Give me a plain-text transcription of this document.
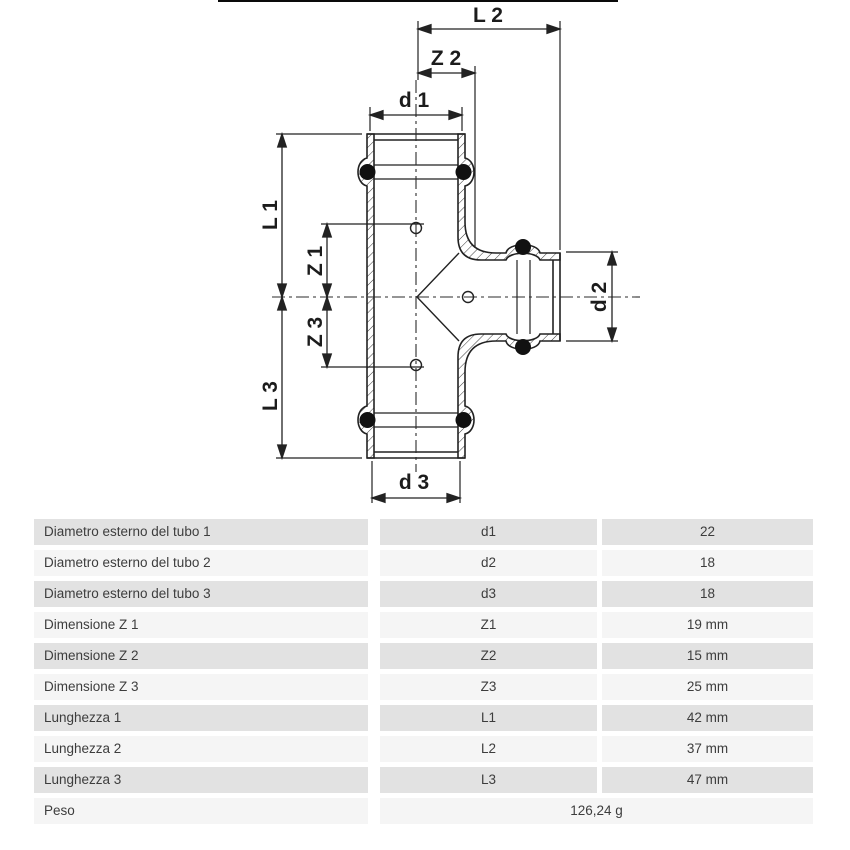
L 2
Z 2
d 1
L 1
Z 1
Z 3
L 3
d 2
d 3
Diametro esterno del tubo 1	d1	22
Diametro esterno del tubo 2	d2	18
Diametro esterno del tubo 3	d3	18
Dimensione Z 1	Z1	19 mm
Dimensione Z 2	Z2	15 mm
Dimensione Z 3	Z3	25 mm
Lunghezza 1	L1	42 mm
Lunghezza 2	L2	37 mm
Lunghezza 3	L3	47 mm
Peso	126,24 g
